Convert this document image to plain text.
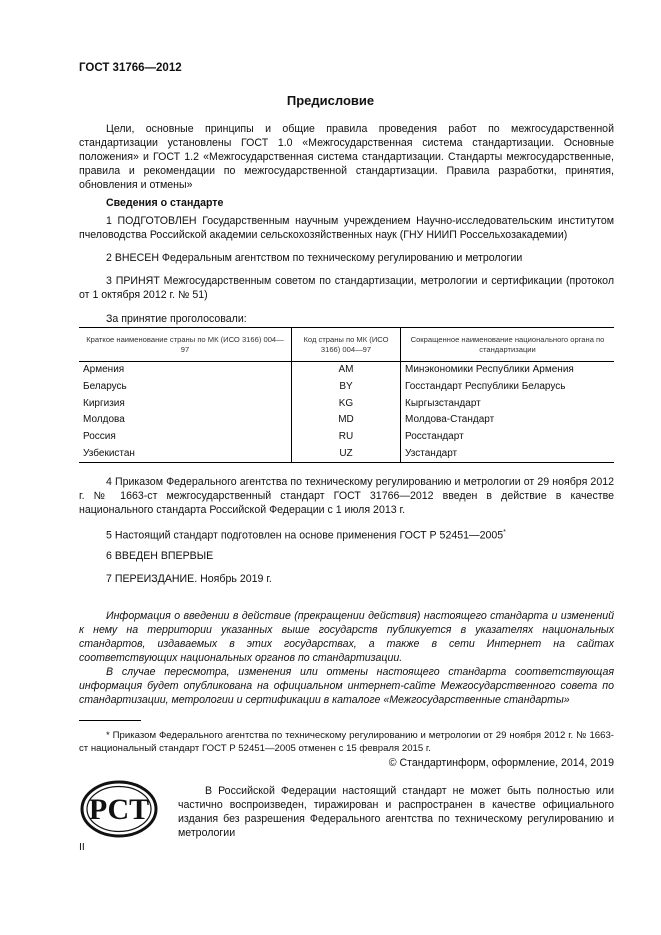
ГОСТ 31766—2012
Предисловие
Цели, основные принципы и общие правила проведения работ по межгосударственной стандартизации установлены ГОСТ 1.0 «Межгосударственная система стандартизации. Основные положения» и ГОСТ 1.2 «Межгосударственная система стандартизации. Стандарты межгосударственные, правила и рекомендации по межгосударственной стандартизации. Правила разработки, принятия, обновления и отмены»
Сведения о стандарте
1 ПОДГОТОВЛЕН Государственным научным учреждением Научно-исследовательским институтом пчеловодства Российской академии сельскохозяйственных наук (ГНУ НИИП Россельхозакадемии)
2 ВНЕСЕН Федеральным агентством по техническому регулированию и метрологии
3 ПРИНЯТ Межгосударственным советом по стандартизации, метрологии и сертификации (протокол от 1 октября 2012 г. № 51)
За принятие проголосовали:
Краткое наименование страны по МК (ИСО 3166) 004—97	Код страны по МК (ИСО 3166) 004—97	Сокращенное наименование национального органа по стандартизации
Армения	AM	Минэкономики Республики Армения
Беларусь	BY	Госстандарт Республики Беларусь
Киргизия	KG	Кыргызстандарт
Молдова	MD	Молдова-Стандарт
Россия	RU	Росстандарт
Узбекистан	UZ	Узстандарт
4 Приказом Федерального агентства по техническому регулированию и метрологии от 29 ноября 2012 г. № 1663-ст межгосударственный стандарт ГОСТ 31766—2012 введен в действие в качестве национального стандарта Российской Федерации с 1 июля 2013 г.
5 Настоящий стандарт подготовлен на основе применения ГОСТ Р 52451—2005*
6 ВВЕДЕН ВПЕРВЫЕ
7 ПЕРЕИЗДАНИЕ. Ноябрь 2019 г.
Информация о введении в действие (прекращении действия) настоящего стандарта и изменений к нему на территории указанных выше государств публикуется в указателях национальных стандартов, издаваемых в этих государствах, а также в сети Интернет на сайтах соответствующих национальных органов по стандартизации.
В случае пересмотра, изменения или отмены настоящего стандарта соответствующая информация будет опубликована на официальном интернет-сайте Межгосударственного совета по стандартизации, метрологии и сертификации в каталоге «Межгосударственные стандарты»
* Приказом Федерального агентства по техническому регулированию и метрологии от 29 ноября 2012 г. № 1663-ст национальный стандарт ГОСТ Р 52451—2005 отменен с 15 февраля 2015 г.
© Стандартинформ, оформление, 2014, 2019
РСТ
В Российской Федерации настоящий стандарт не может быть полностью или частично воспроизведен, тиражирован и распространен в качестве официального издания без разрешения Федерального агентства по техническому регулированию и метрологии
II
